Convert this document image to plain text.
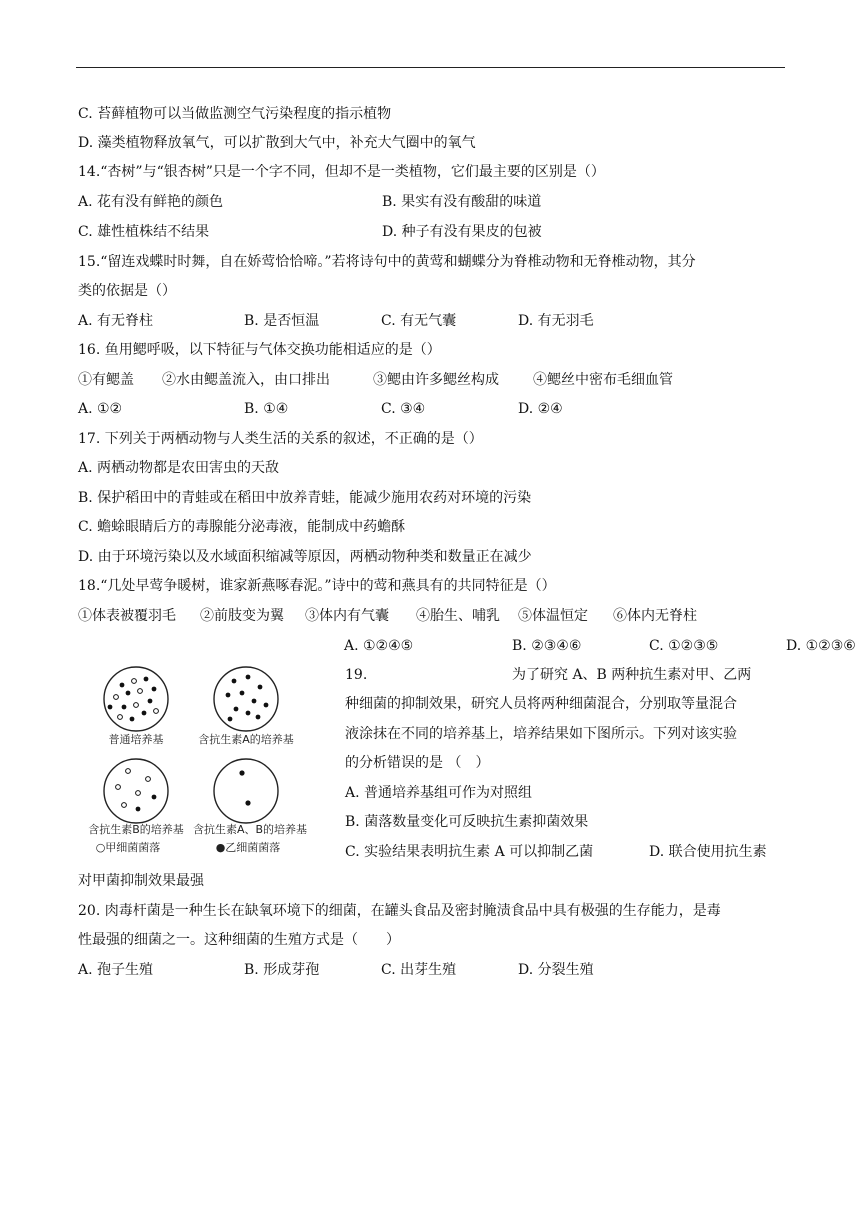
C. 苔藓植物可以当做监测空气污染程度的指示植物
D. 藻类植物释放氧气，可以扩散到大气中，补充大气圈中的氧气
14.“杏树”与“银杏树”只是一个字不同，但却不是一类植物，它们最主要的区别是（）
A. 花有没有鲜艳的颜色	B. 果实有没有酸甜的味道
C. 雄性植株结不结果	D. 种子有没有果皮的包被
15.“留连戏蝶时时舞，自在娇莺恰恰啼。”若将诗句中的黄莺和蝴蝶分为脊椎动物和无脊椎动物，其分
类的依据是（）
A. 有无脊柱	B. 是否恒温	C. 有无气囊	D. 有无羽毛
16. 鱼用鳃呼吸，以下特征与气体交换功能相适应的是（）
①有鳃盖 ②水由鳃盖流入，由口排出	③鳃由许多鳃丝构成 ④鳃丝中密布毛细血管
A. ①②	B. ①④	C. ③④	D. ②④
17. 下列关于两栖动物与人类生活的关系的叙述，不正确的是（）
A. 两栖动物都是农田害虫的天敌
B. 保护稻田中的青蛙或在稻田中放养青蛙，能减少施用农药对环境的污染
C. 蟾蜍眼睛后方的毒腺能分泌毒液，能制成中药蟾酥
D. 由于环境污染以及水域面积缩减等原因，两栖动物种类和数量正在减少
18.“几处早莺争暖树，谁家新燕啄春泥。”诗中的莺和燕具有的共同特征是（）
①体表被覆羽毛 ②前肢变为翼 ③体内有气囊 ④胎生、哺乳 ⑤体温恒定 ⑥体内无脊柱
A. ①②④⑤	B. ②③④⑥	C. ①②③⑤	D. ①②③⑥
普通培养基	含抗生素A的培养基
含抗生素B的培养基 含抗生素A、B的培养基
○甲细菌菌落	●乙细菌菌落
19.	为了研究 A、B 两种抗生素对甲、乙两
种细菌的抑制效果，研究人员将两种细菌混合，分别取等量混合
液涂抹在不同的培养基上，培养结果如下图所示。下列对该实验
的分析错误的是 （　）
A. 普通培养基组可作为对照组
B. 菌落数量变化可反映抗生素抑菌效果
C. 实验结果表明抗生素 A 可以抑制乙菌	D. 联合使用抗生素
对甲菌抑制效果最强
20. 肉毒杆菌是一种生长在缺氧环境下的细菌，在罐头食品及密封腌渍食品中具有极强的生存能力，是毒
性最强的细菌之一。这种细菌的生殖方式是（　　）
A. 孢子生殖	B. 形成芽孢	C. 出芽生殖	D. 分裂生殖
